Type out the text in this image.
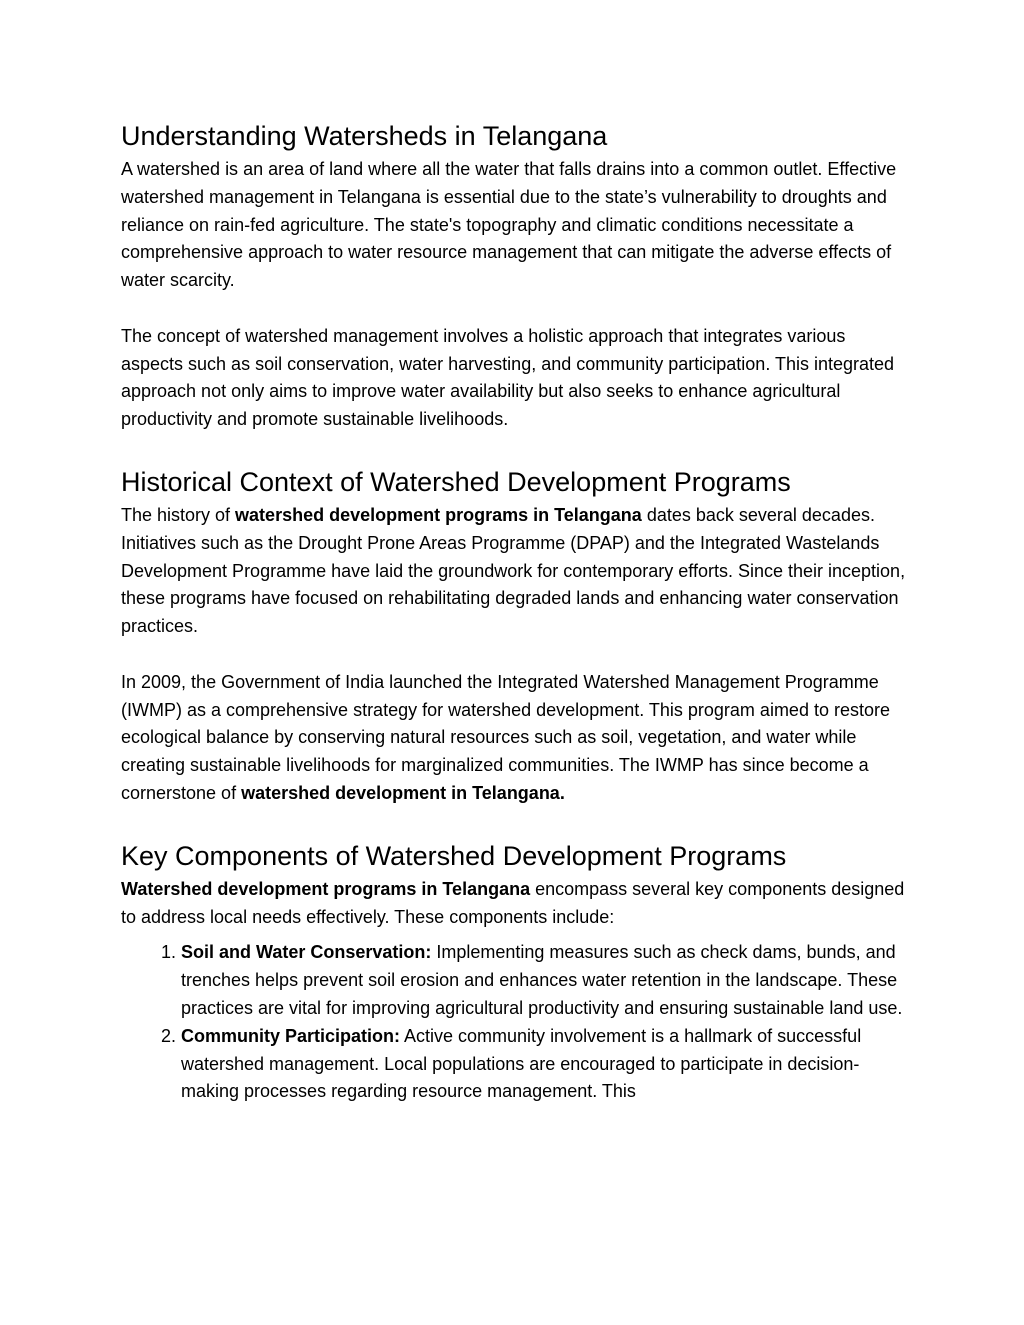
Understanding Watersheds in Telangana

A watershed is an area of land where all the water that falls drains into a common outlet. Effective watershed management in Telangana is essential due to the state’s vulnerability to droughts and reliance on rain-fed agriculture. The state's topography and climatic conditions necessitate a comprehensive approach to water resource management that can mitigate the adverse effects of water scarcity.

The concept of watershed management involves a holistic approach that integrates various aspects such as soil conservation, water harvesting, and community participation. This integrated approach not only aims to improve water availability but also seeks to enhance agricultural productivity and promote sustainable livelihoods.

Historical Context of Watershed Development Programs

The history of watershed development programs in Telangana dates back several decades. Initiatives such as the Drought Prone Areas Programme (DPAP) and the Integrated Wastelands Development Programme have laid the groundwork for contemporary efforts. Since their inception, these programs have focused on rehabilitating degraded lands and enhancing water conservation practices.

In 2009, the Government of India launched the Integrated Watershed Management Programme (IWMP) as a comprehensive strategy for watershed development. This program aimed to restore ecological balance by conserving natural resources such as soil, vegetation, and water while creating sustainable livelihoods for marginalized communities. The IWMP has since become a cornerstone of watershed development in Telangana.

Key Components of Watershed Development Programs

Watershed development programs in Telangana encompass several key components designed to address local needs effectively. These components include:

1. Soil and Water Conservation: Implementing measures such as check dams, bunds, and trenches helps prevent soil erosion and enhances water retention in the landscape. These practices are vital for improving agricultural productivity and ensuring sustainable land use.
2. Community Participation: Active community involvement is a hallmark of successful watershed management. Local populations are encouraged to participate in decision-making processes regarding resource management. This
